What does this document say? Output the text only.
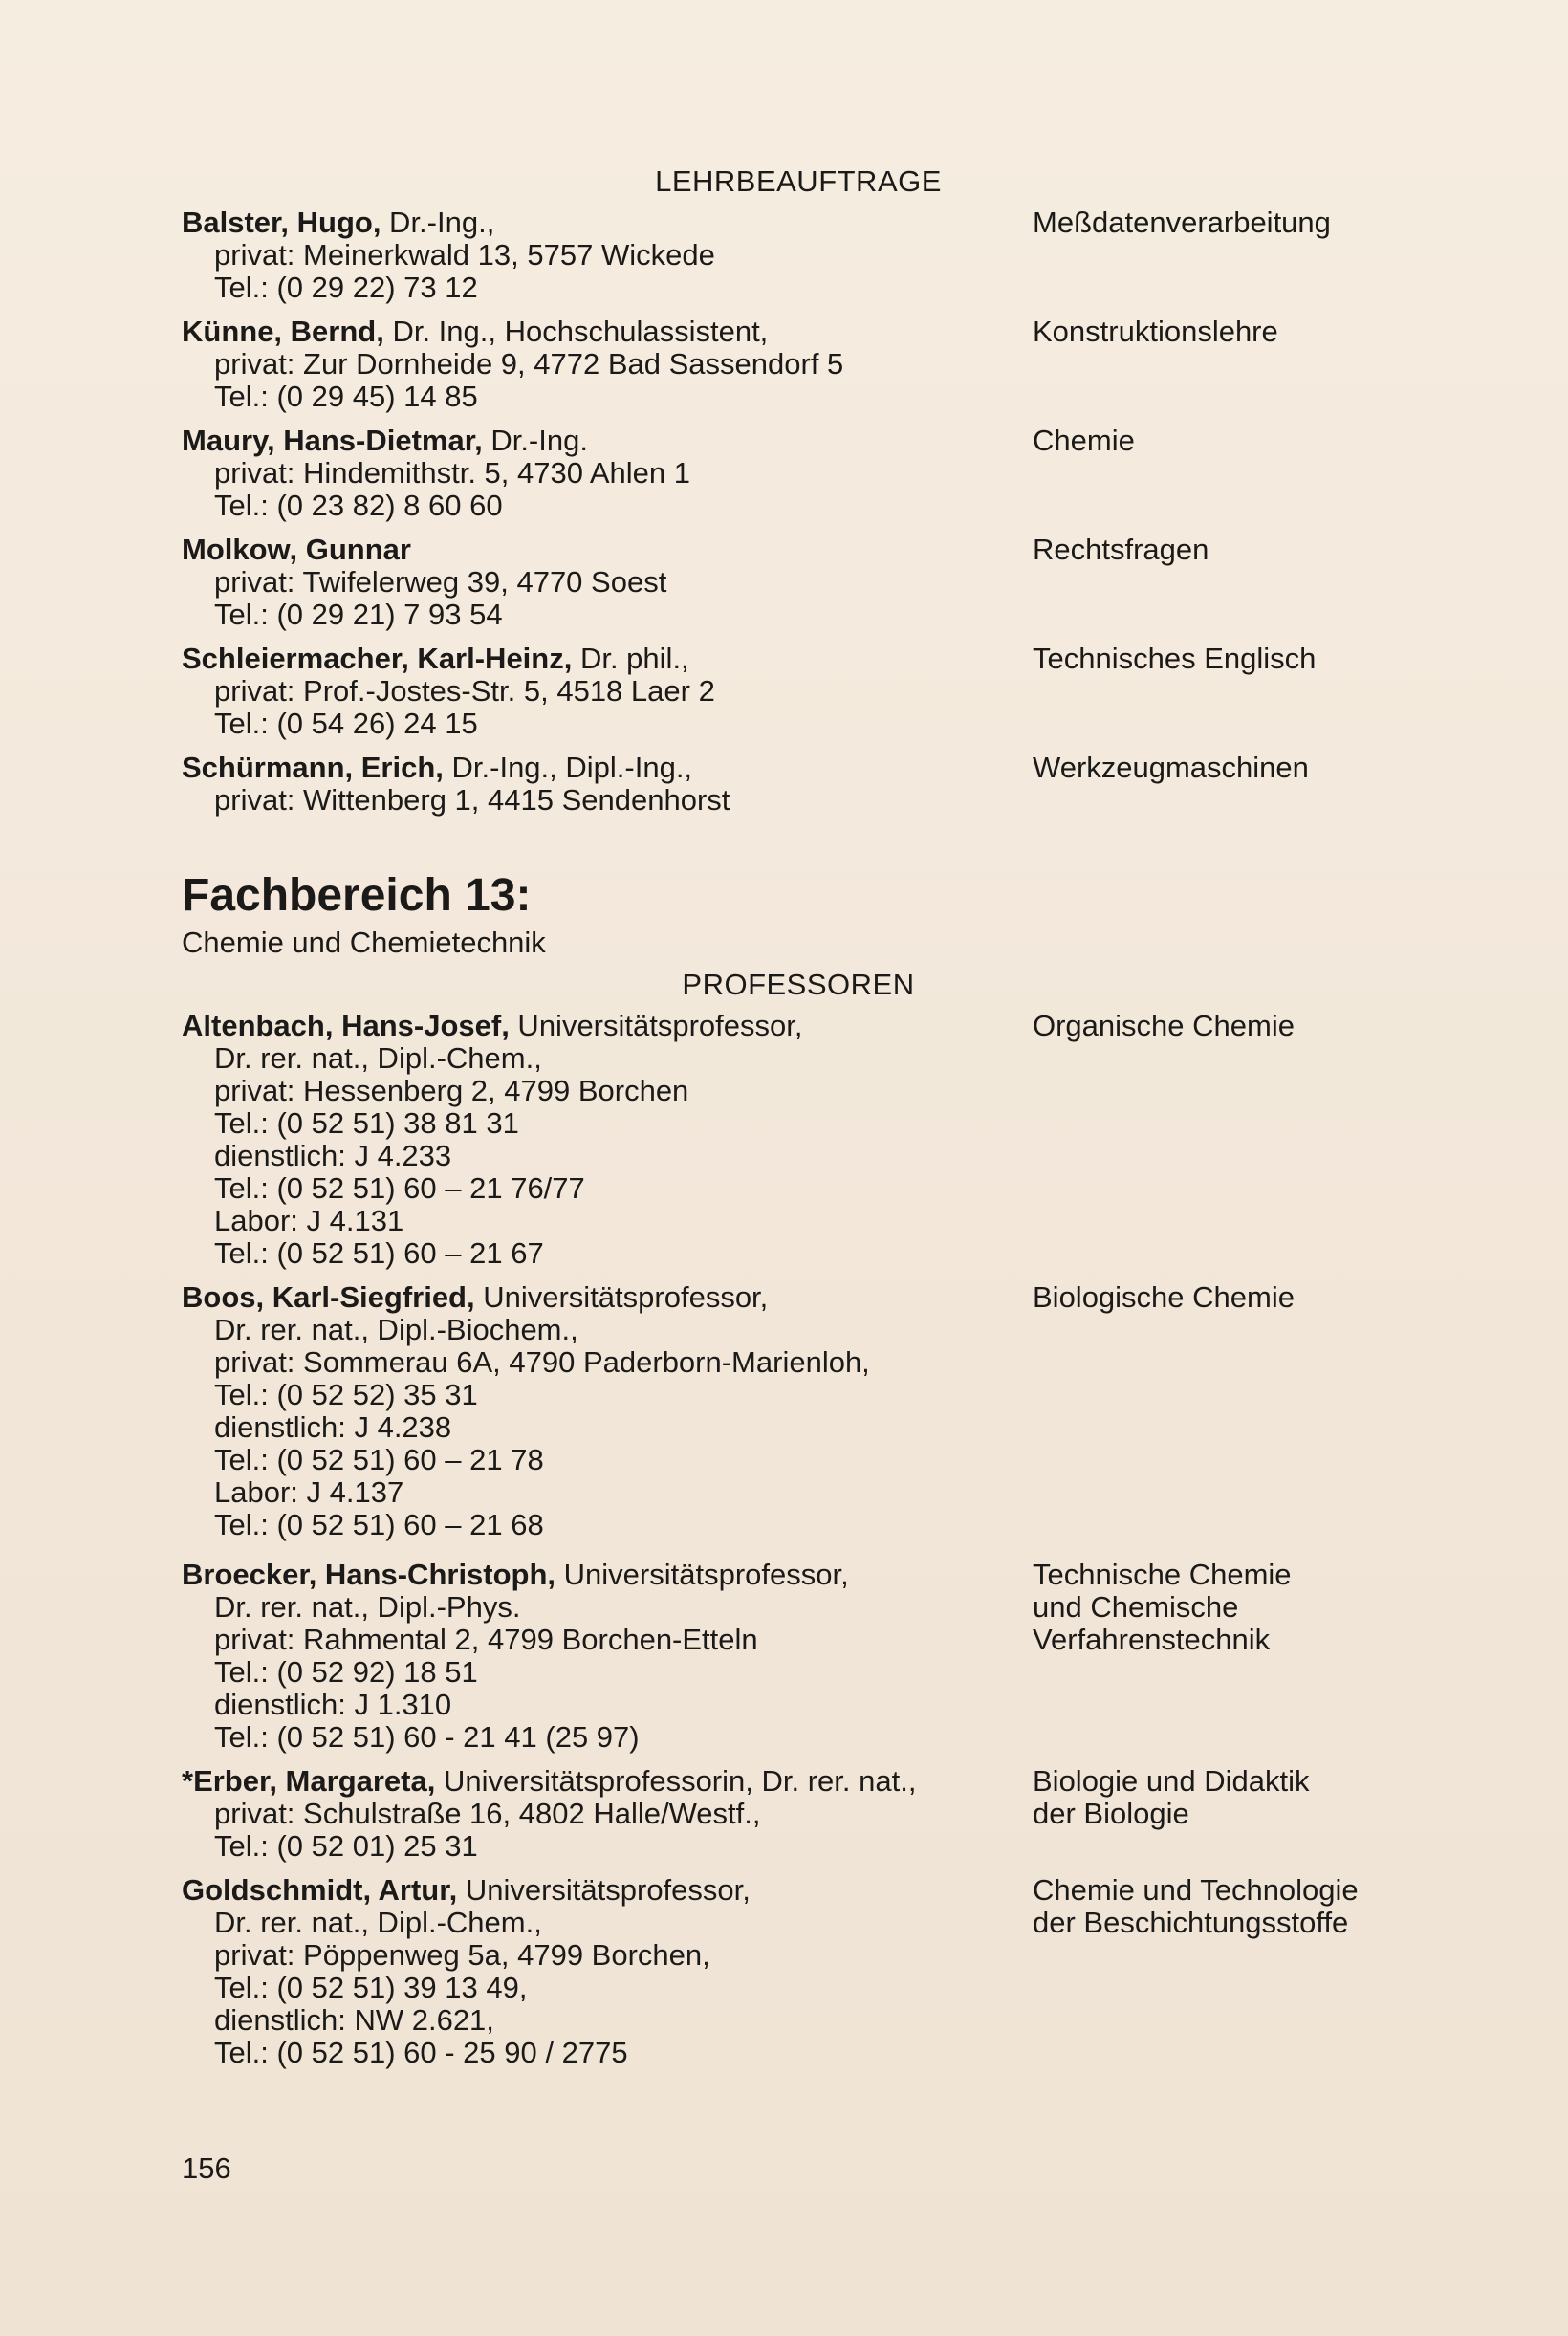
LEHRBEAUFTRAGE
Balster, Hugo, Dr.-Ing.,
privat: Meinerkwald 13, 5757 Wickede
Tel.: (0 29 22) 73 12
Meßdatenverarbeitung
Künne, Bernd, Dr. Ing., Hochschulassistent,
privat: Zur Dornheide 9, 4772 Bad Sassendorf 5
Tel.: (0 29 45) 14 85
Konstruktionslehre
Maury, Hans-Dietmar, Dr.-Ing.
privat: Hindemithstr. 5, 4730 Ahlen 1
Tel.: (0 23 82) 8 60 60
Chemie
Molkow, Gunnar
privat: Twifelerweg 39, 4770 Soest
Tel.: (0 29 21) 7 93 54
Rechtsfragen
Schleiermacher, Karl-Heinz, Dr. phil.,
privat: Prof.-Jostes-Str. 5, 4518 Laer 2
Tel.: (0 54 26) 24 15
Technisches Englisch
Schürmann, Erich, Dr.-Ing., Dipl.-Ing.,
privat: Wittenberg 1, 4415 Sendenhorst
Werkzeugmaschinen
Fachbereich 13:
Chemie und Chemietechnik
PROFESSOREN
Altenbach, Hans-Josef, Universitätsprofessor,
Dr. rer. nat., Dipl.-Chem.,
privat: Hessenberg 2, 4799 Borchen
Tel.: (0 52 51) 38 81 31
dienstlich: J 4.233
Tel.: (0 52 51) 60 – 21 76/77
Labor: J 4.131
Tel.: (0 52 51) 60 – 21 67
Organische Chemie
Boos, Karl-Siegfried, Universitätsprofessor,
Dr. rer. nat., Dipl.-Biochem.,
privat: Sommerau 6A, 4790 Paderborn-Marienloh,
Tel.: (0 52 52) 35 31
dienstlich: J 4.238
Tel.: (0 52 51) 60 – 21 78
Labor: J 4.137
Tel.: (0 52 51) 60 – 21 68
Biologische Chemie
Broecker, Hans-Christoph, Universitätsprofessor,
Dr. rer. nat., Dipl.-Phys.
privat: Rahmental 2, 4799 Borchen-Etteln
Tel.: (0 52 92) 18 51
dienstlich: J 1.310
Tel.: (0 52 51) 60 - 21 41 (25 97)
Technische Chemie
und Chemische
Verfahrenstechnik
*Erber, Margareta, Universitätsprofessorin, Dr. rer. nat.,
privat: Schulstraße 16, 4802 Halle/Westf.,
Tel.: (0 52 01) 25 31
Biologie und Didaktik
der Biologie
Goldschmidt, Artur, Universitätsprofessor,
Dr. rer. nat., Dipl.-Chem.,
privat: Pöppenweg 5a, 4799 Borchen,
Tel.: (0 52 51) 39 13 49,
dienstlich: NW 2.621,
Tel.: (0 52 51) 60 - 25 90 / 2775
Chemie und Technologie
der Beschichtungsstoffe
156
